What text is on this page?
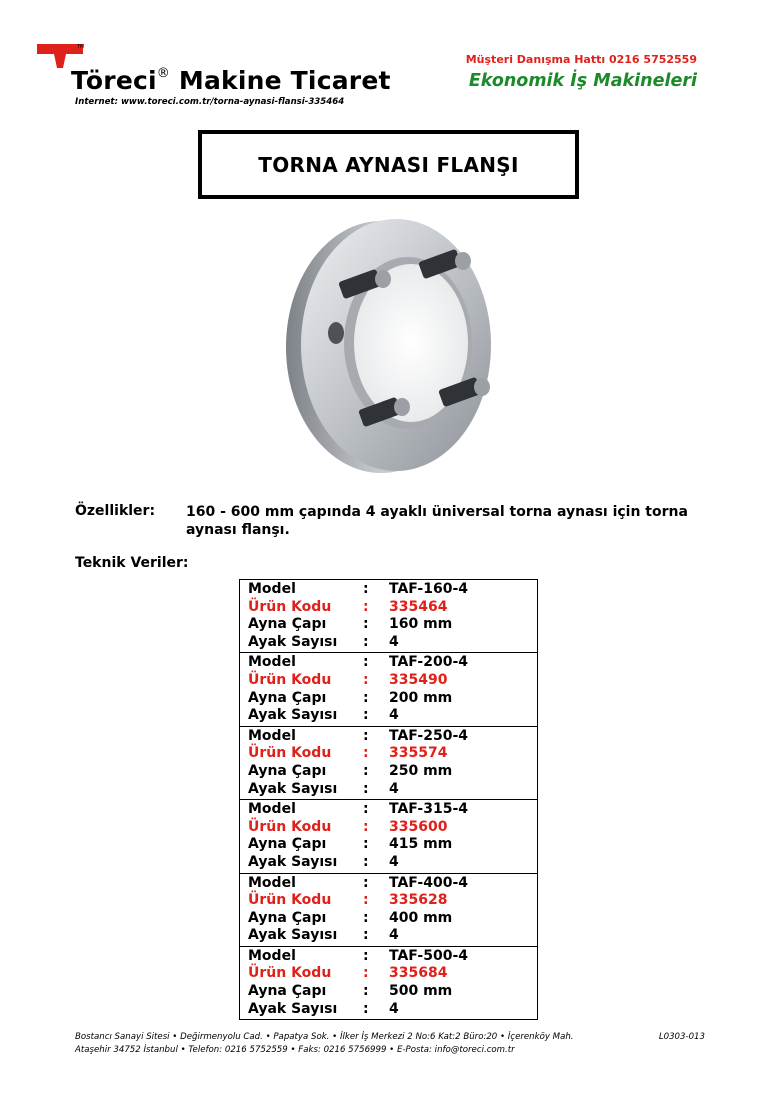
TM
Töreci® Makine Ticaret
Internet: www.toreci.com.tr/torna-aynasi-flansi-335464
Müşteri Danışma Hattı 0216 5752559
Ekonomik İş Makineleri
TORNA AYNASI FLANŞI
Özellikler: 160 - 600 mm çapında 4 ayaklı üniversal torna aynası için torna aynası flanşı.
Teknik Veriler:
Model	:	TAF-160-4
Ürün Kodu	:	335464
Ayna Çapı	:	160 mm
Ayak Sayısı	:	4
Model	:	TAF-200-4
Ürün Kodu	:	335490
Ayna Çapı	:	200 mm
Ayak Sayısı	:	4
Model	:	TAF-250-4
Ürün Kodu	:	335574
Ayna Çapı	:	250 mm
Ayak Sayısı	:	4
Model	:	TAF-315-4
Ürün Kodu	:	335600
Ayna Çapı	:	415 mm
Ayak Sayısı	:	4
Model	:	TAF-400-4
Ürün Kodu	:	335628
Ayna Çapı	:	400 mm
Ayak Sayısı	:	4
Model	:	TAF-500-4
Ürün Kodu	:	335684
Ayna Çapı	:	500 mm
Ayak Sayısı	:	4
Bostancı Sanayi Sitesi • Değirmenyolu Cad. • Papatya Sok. • İlker İş Merkezi 2 No:6 Kat:2 Büro:20 • İçerenköy Mah.
Ataşehir 34752 İstanbul • Telefon: 0216 5752559 • Faks: 0216 5756999 • E-Posta: info@toreci.com.tr
L0303-013
